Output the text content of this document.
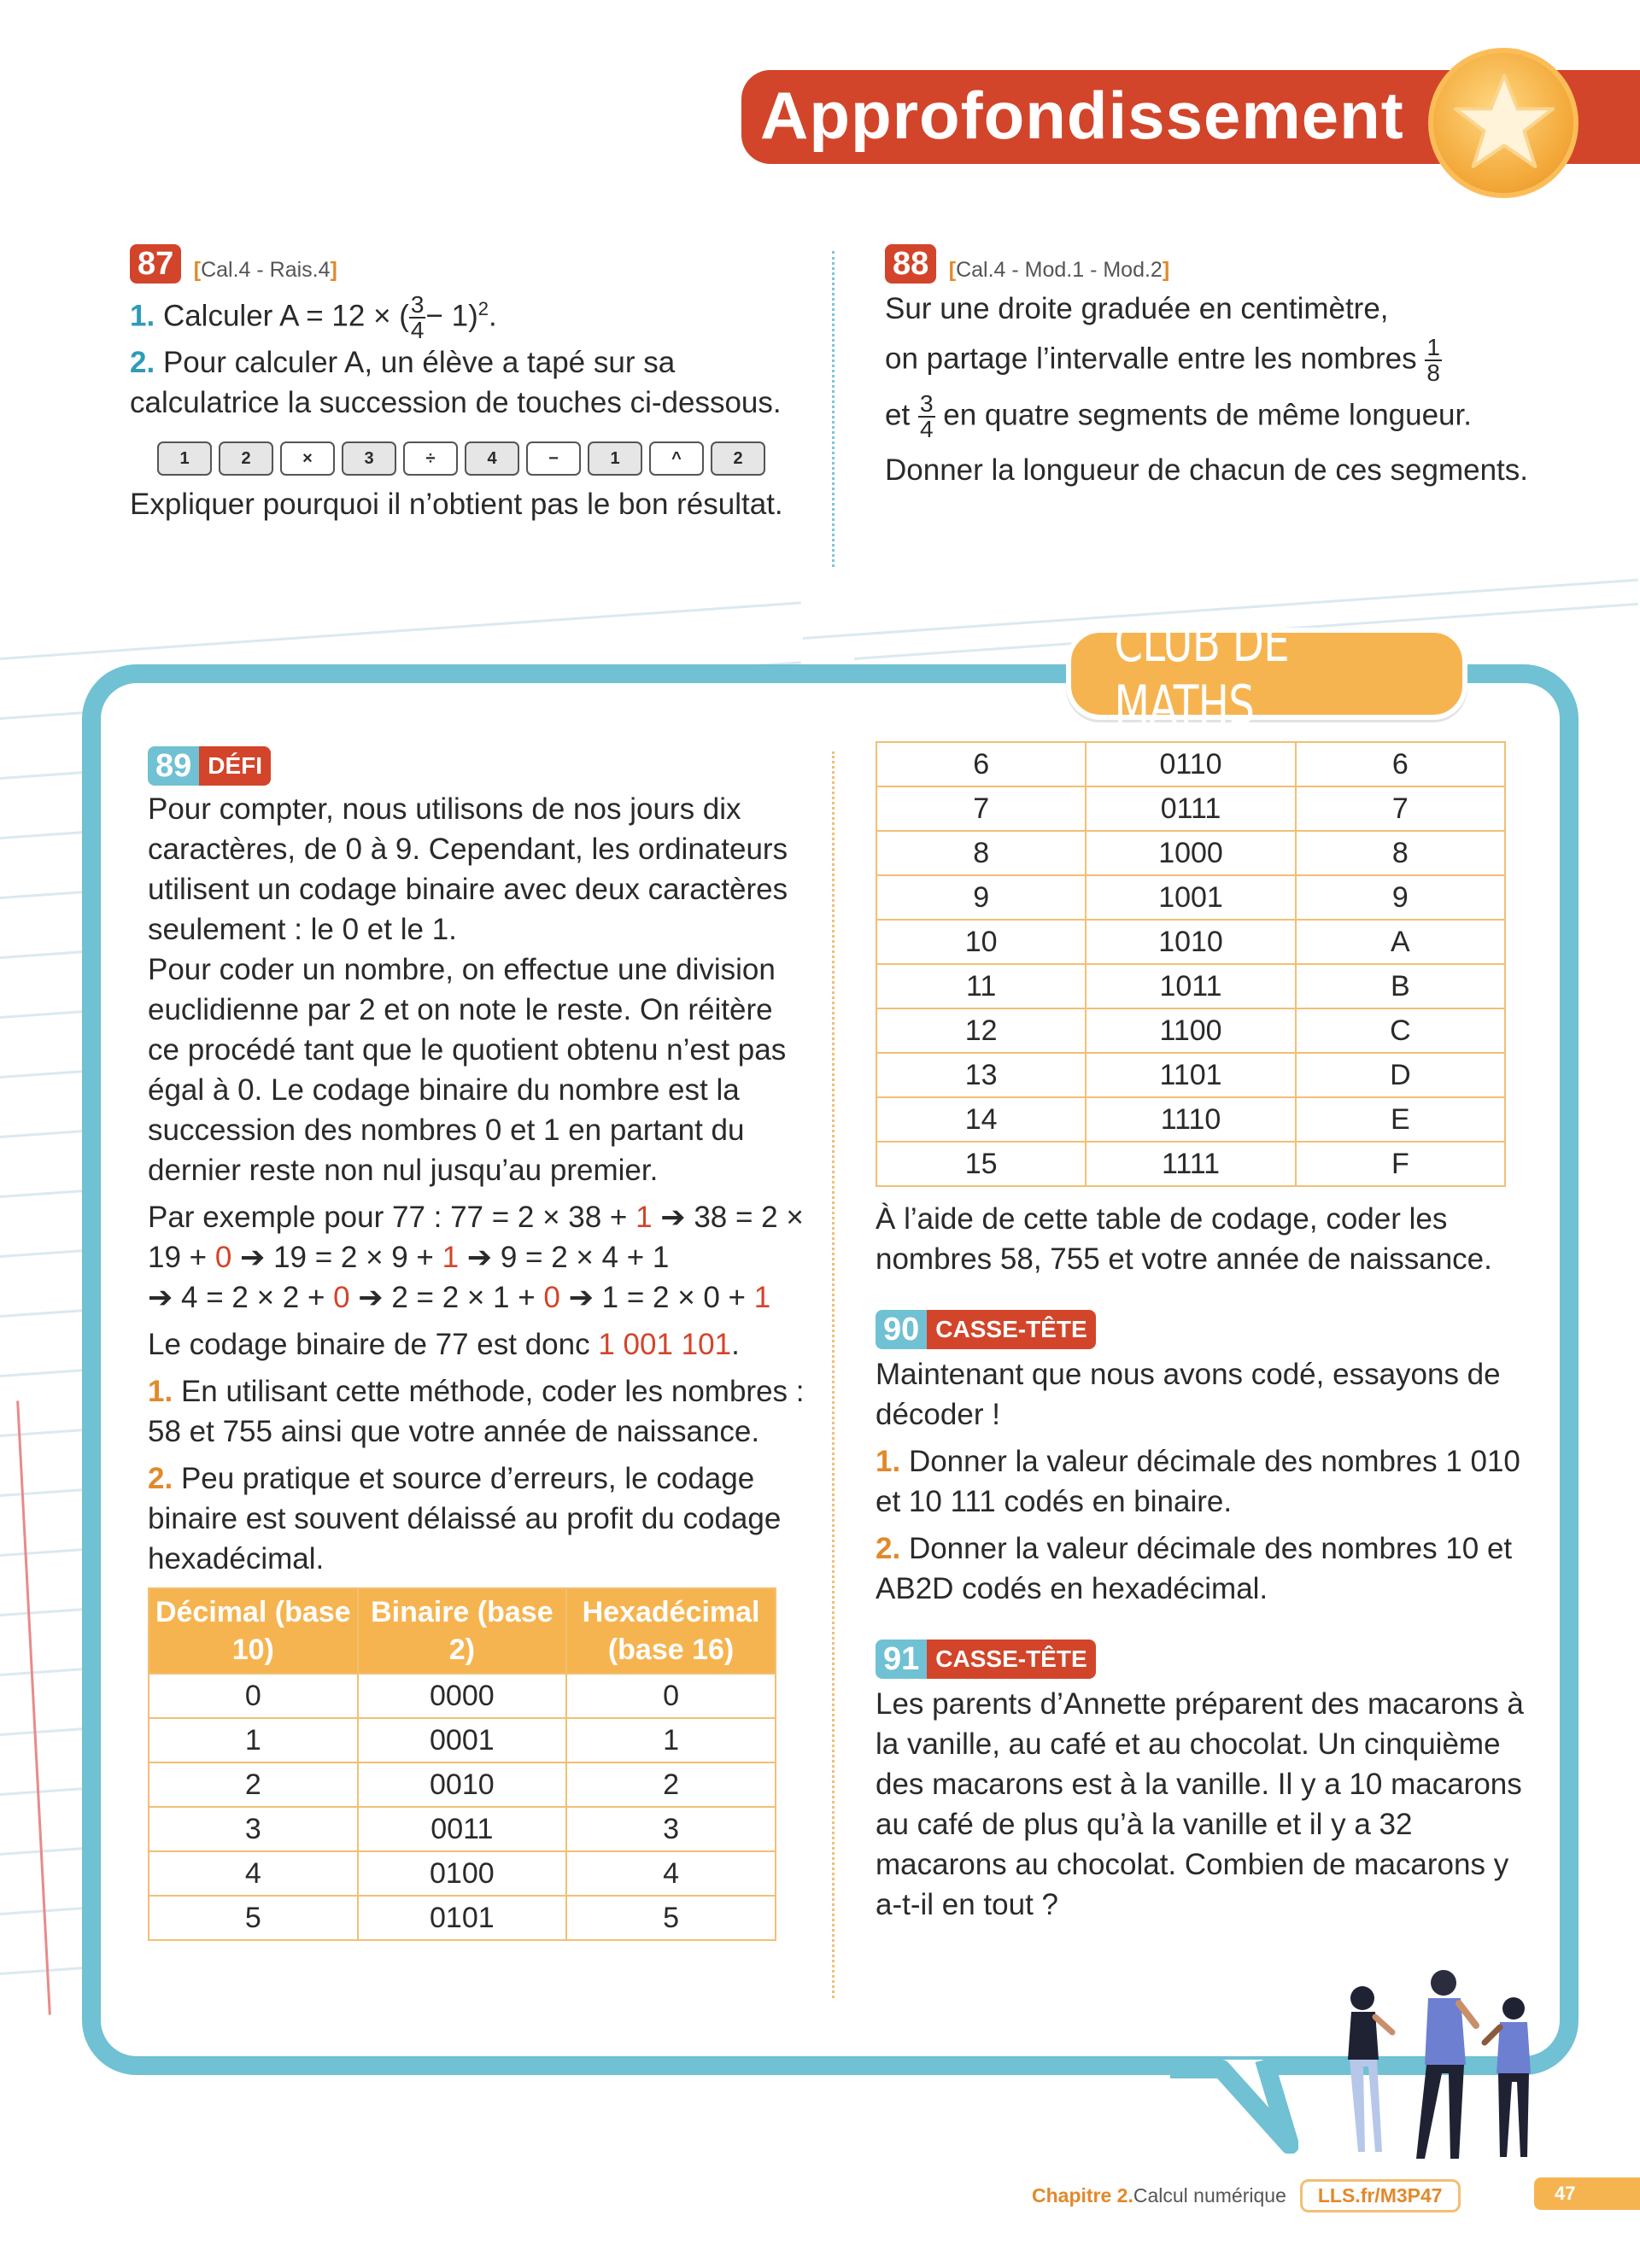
Approfondissement
87 [Cal.4 - Rais.4]
1. Calculer A = 12 × ( $\frac{3}{4} - 1)^2$.
2. Pour calculer A, un élève a tapé sur sa calculatrice la succession de touches ci-dessous.
1	2	×	3	÷	4	−	1	^	2
Expliquer pourquoi il n’obtient pas le bon résultat.
88 [Cal.4 - Mod.1 - Mod.2]
Sur une droite graduée en centimètre,
on partage l’intervalle entre les nombres $\frac{1}{8}$
et $\frac{3}{4}$ en quatre segments de même longueur.
Donner la longueur de chacun de ces segments.
CLUB DE MATHS
89 DÉFI
Pour compter, nous utilisons de nos jours dix caractères, de 0 à 9. Cependant, les ordinateurs utilisent un codage binaire avec deux caractères seulement : le 0 et le 1.
Pour coder un nombre, on effectue une division euclidienne par 2 et on note le reste. On réitère ce procédé tant que le quotient obtenu n’est pas égal à 0. Le codage binaire du nombre est la succession des nombres 0 et 1 en partant du dernier reste non nul jusqu’au premier.
Par exemple pour 77 : 77 = 2 × 38 + 1 ➔ 38 = 2 × 19 + 0 ➔ 19 = 2 × 9 + 1 ➔ 9 = 2 × 4 + 1
➔ 4 = 2 × 2 + 0 ➔ 2 = 2 × 1 + 0 ➔ 1 = 2 × 0 + 1
Le codage binaire de 77 est donc 1 001 101.
1. En utilisant cette méthode, coder les nombres : 58 et 755 ainsi que votre année de naissance.
2. Peu pratique et source d’erreurs, le codage binaire est souvent délaissé au profit du codage hexadécimal.
Décimal (base 10)	Binaire (base 2)	Hexadécimal (base 16)
0	0000	0
1	0001	1
2	0010	2
3	0011	3
4	0100	4
5	0101	5
6	0110	6
7	0111	7
8	1000	8
9	1001	9
10	1010	A
11	1011	B
12	1100	C
13	1101	D
14	1110	E
15	1111	F
À l’aide de cette table de codage, coder les nombres 58, 755 et votre année de naissance.
90 CASSE-TÊTE
Maintenant que nous avons codé, essayons de décoder !
1. Donner la valeur décimale des nombres 1 010 et 10 111 codés en binaire.
2. Donner la valeur décimale des nombres 10 et AB2D codés en hexadécimal.
91 CASSE-TÊTE
Les parents d’Annette préparent des macarons à la vanille, au café et au chocolat. Un cinquième des macarons est à la vanille. Il y a 10 macarons au café de plus qu’à la vanille et il y a 32 macarons au chocolat. Combien de macarons y a-t-il en tout ?
Chapitre 2. Calcul numérique	LLS.fr/M3P47	47
